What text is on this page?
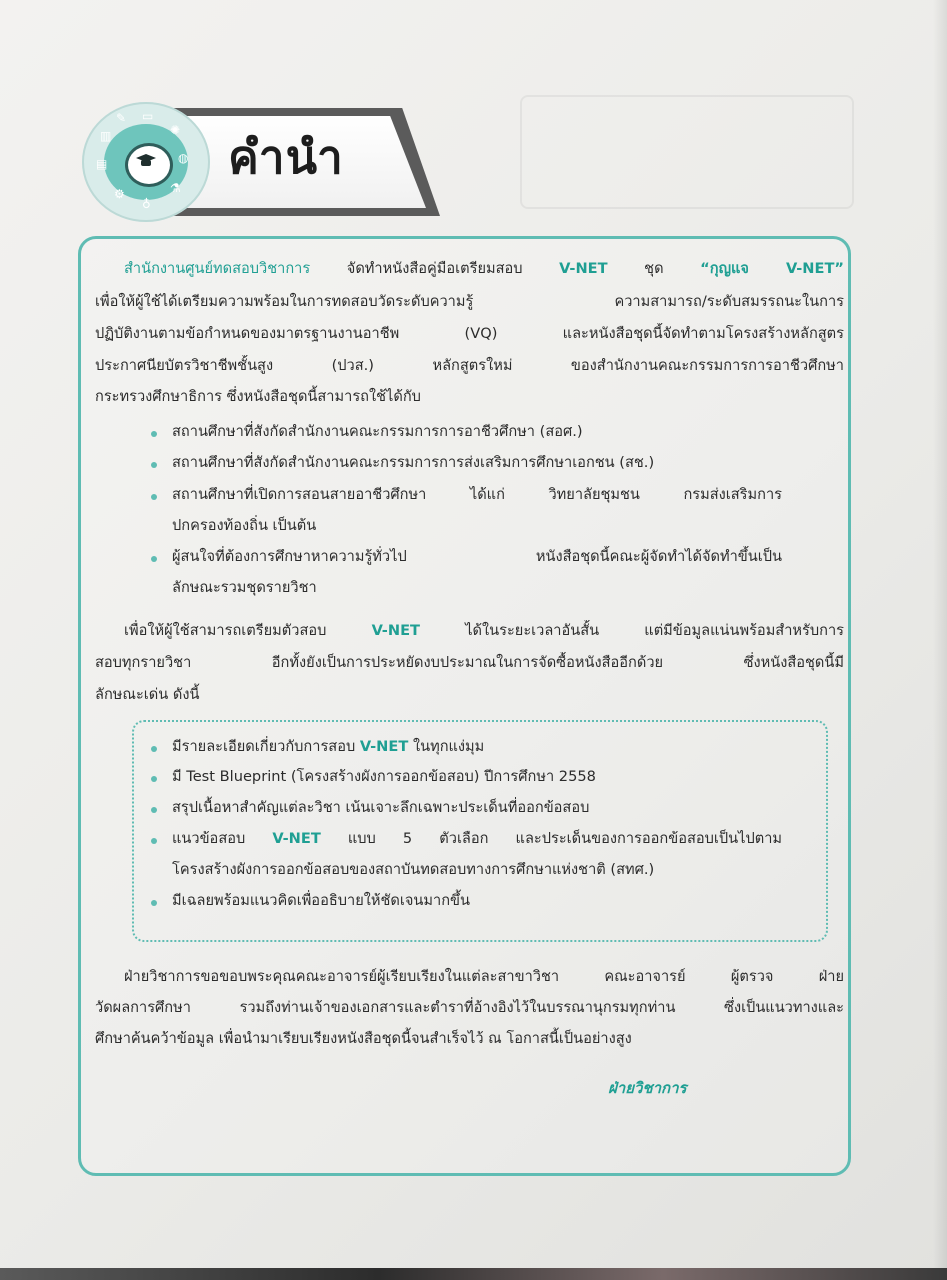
✎ ▭
✺
◍
⚗
♁
⚙
▤
▥	คำนำ
สำนักงานศูนย์ทดสอบวิชาการ	จัดทำหนังสือคู่มือเตรียมสอบ	V-NET	ชุด	“กุญแจ V-NET”
เพื่อให้ผู้ใช้ได้เตรียมความพร้อมในการทดสอบวัดระดับความรู้ ความสามารถ/ระดับสมรรถนะในการ
ปฏิบัติงานตามข้อกำหนดของมาตรฐานงานอาชีพ (VQ) และหนังสือชุดนี้จัดทำตามโครงสร้างหลักสูตร
ประกาศนียบัตรวิชาชีพชั้นสูง (ปวส.) หลักสูตรใหม่ ของสำนักงานคณะกรรมการการอาชีวศึกษา
กระทรวงศึกษาธิการ ซึ่งหนังสือชุดนี้สามารถใช้ได้กับ
สถานศึกษาที่สังกัดสำนักงานคณะกรรมการการอาชีวศึกษา (สอศ.)
สถานศึกษาที่สังกัดสำนักงานคณะกรรมการการส่งเสริมการศึกษาเอกชน (สช.)
สถานศึกษาที่เปิดการสอนสายอาชีวศึกษา ได้แก่ วิทยาลัยชุมชน กรมส่งเสริมการ
ปกครองท้องถิ่น เป็นต้น
ผู้สนใจที่ต้องการศึกษาหาความรู้ทั่วไป หนังสือชุดนี้คณะผู้จัดทำได้จัดทำขึ้นเป็น
ลักษณะรวมชุดรายวิชา
เพื่อให้ผู้ใช้สามารถเตรียมตัวสอบ	V-NET	ได้ในระยะเวลาอันสั้น แต่มีข้อมูลแน่นพร้อมสำหรับการ
สอบทุกรายวิชา อีกทั้งยังเป็นการประหยัดงบประมาณในการจัดซื้อหนังสืออีกด้วย ซึ่งหนังสือชุดนี้มี
ลักษณะเด่น ดังนี้
มีรายละเอียดเกี่ยวกับการสอบ V-NET ในทุกแง่มุม
มี Test Blueprint (โครงสร้างผังการออกข้อสอบ) ปีการศึกษา 2558
สรุปเนื้อหาสำคัญแต่ละวิชา เน้นเจาะลึกเฉพาะประเด็นที่ออกข้อสอบ
แนวข้อสอบ V-NET แบบ 5 ตัวเลือก และประเด็นของการออกข้อสอบเป็นไปตาม
โครงสร้างผังการออกข้อสอบของสถาบันทดสอบทางการศึกษาแห่งชาติ (สทศ.)
มีเฉลยพร้อมแนวคิดเพื่ออธิบายให้ชัดเจนมากขึ้น
ฝ่ายวิชาการขอขอบพระคุณคณะอาจารย์ผู้เรียบเรียงในแต่ละสาขาวิชา คณะอาจารย์ ผู้ตรวจ ฝ่าย
วัดผลการศึกษา รวมถึงท่านเจ้าของเอกสารและตำราที่อ้างอิงไว้ในบรรณานุกรมทุกท่าน ซึ่งเป็นแนวทางและ
ศึกษาค้นคว้าข้อมูล เพื่อนำมาเรียบเรียงหนังสือชุดนี้จนสำเร็จไว้ ณ โอกาสนี้เป็นอย่างสูง
ฝ่ายวิชาการ
